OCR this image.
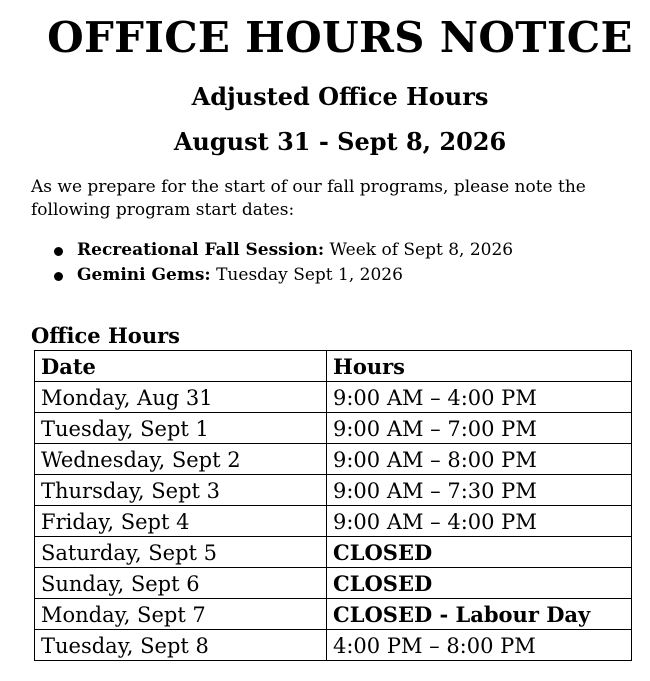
OFFICE HOURS NOTICE
Adjusted Office Hours
August 31 - Sept 8, 2026

As we prepare for the start of our fall programs, please note the following program start dates:

Recreational Fall Session: Week of Sept 8, 2026
Gemini Gems: Tuesday Sept 1, 2026
Office Hours
Date	Hours
Monday, Aug 31	9:00 AM – 4:00 PM
Tuesday, Sept 1	9:00 AM – 7:00 PM
Wednesday, Sept 2	9:00 AM – 8:00 PM
Thursday, Sept 3	9:00 AM – 7:30 PM
Friday, Sept 4	9:00 AM – 4:00 PM
Saturday, Sept 5	CLOSED
Sunday, Sept 6	CLOSED
Monday, Sept 7	CLOSED - Labour Day
Tuesday, Sept 8	4:00 PM – 8:00 PM
